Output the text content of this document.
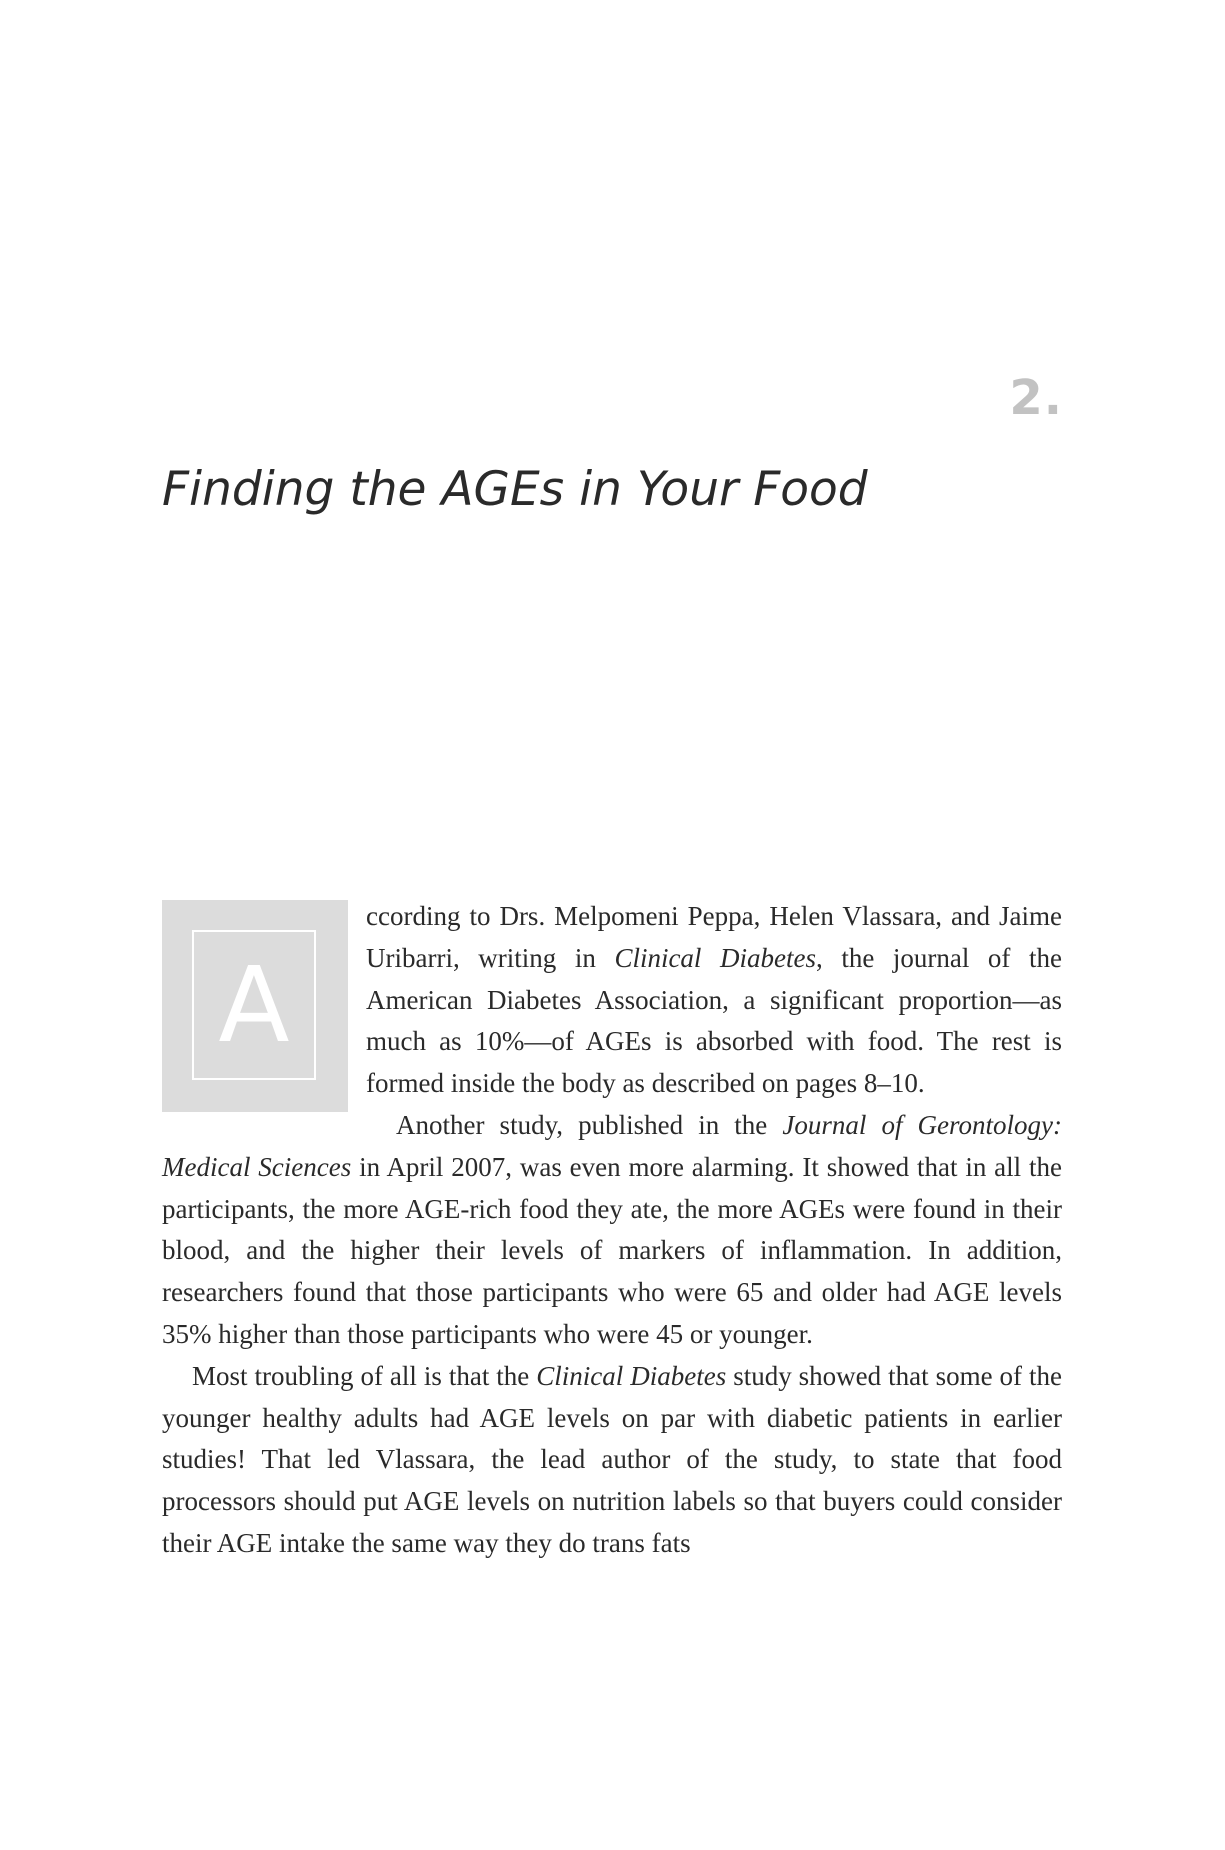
2.
Finding the AGEs in Your Food

A
ccording to Drs. Melpomeni Peppa, Helen Vlassara, and Jaime Uribarri, writing in Clinical Diabetes, the journal of the American Diabetes Association, a significant proportion—as much as 10%—of AGEs is absorbed with food. The rest is formed inside the body as described on pages 8–10.

Another study, published in the Journal of Gerontology: Medical Sciences in April 2007, was even more alarming. It showed that in all the participants, the more AGE-rich food they ate, the more AGEs were found in their blood, and the higher their levels of markers of inflammation. In addition, researchers found that those participants who were 65 and older had AGE levels 35% higher than those participants who were 45 or younger.

Most troubling of all is that the Clinical Diabetes study showed that some of the younger healthy adults had AGE levels on par with diabetic patients in earlier studies! That led Vlassara, the lead author of the study, to state that food processors should put AGE levels on nutrition labels so that buyers could consider their AGE intake the same way they do trans fats
